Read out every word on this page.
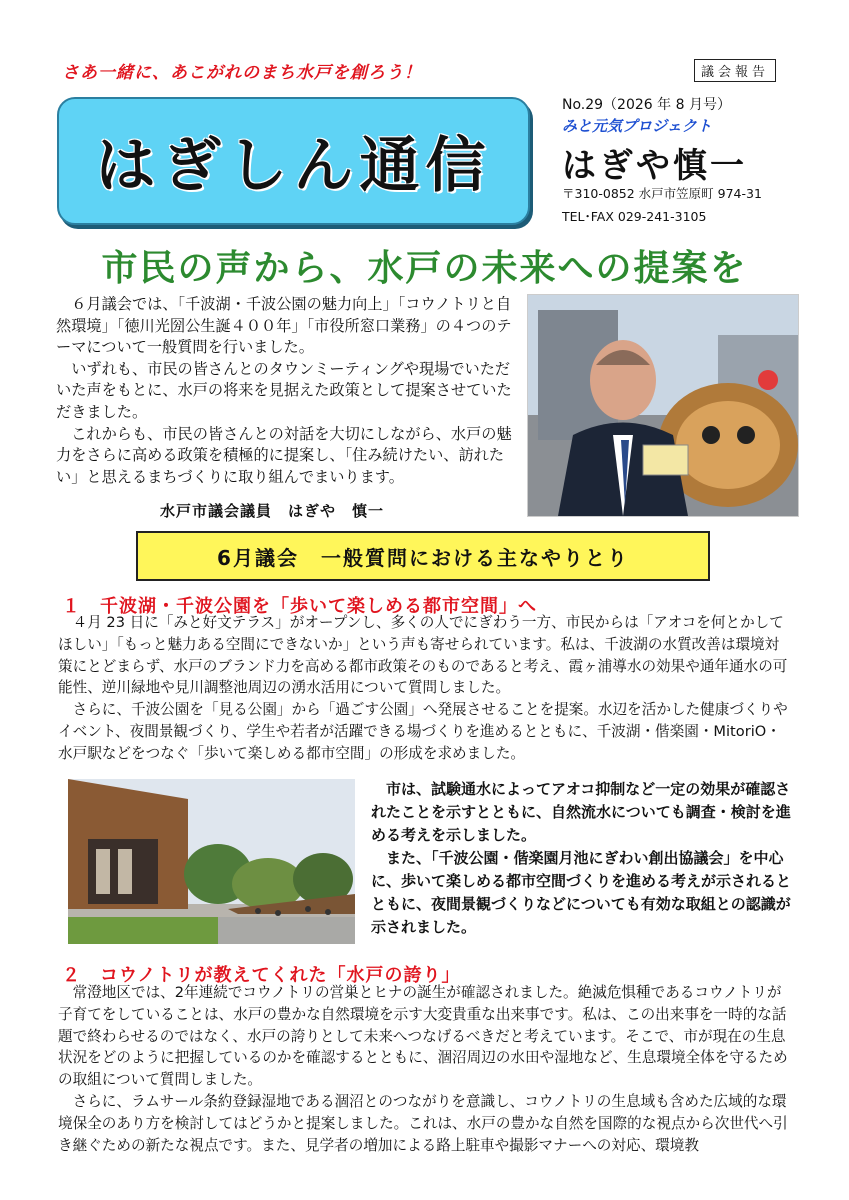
さあ一緒に、あこがれのまち水戸を創ろう！	議会報告
はぎしん通信
No.29（2026 年 8 月号）
みと元気プロジェクト
はぎや慎一
〒310-0852 水戸市笠原町 974-31
TEL･FAX 029-241-3105
市民の声から、水戸の未来への提案を

６月議会では、「千波湖・千波公園の魅力向上」「コウノトリと自然環境」「徳川光圀公生誕４００年」「市役所窓口業務」の４つのテーマについて一般質問を行いました。

いずれも、市民の皆さんとのタウンミーティングや現場でいただいた声をもとに、水戸の将来を見据えた政策として提案させていただきました。

これからも、市民の皆さんとの対話を大切にしながら、水戸の魅力をさらに高める政策を積極的に提案し、「住み続けたい、訪れたい」と思えるまちづくりに取り組んでまいります。

水戸市議会議員　はぎや　慎一
6月議会　一般質問における主なやりとり
１　千波湖・千波公園を「歩いて楽しめる都市空間」へ

４月 23 日に「みと好文テラス」がオープンし、多くの人でにぎわう一方、市民からは「アオコを何とかしてほしい」「もっと魅力ある空間にできないか」という声も寄せられています。私は、千波湖の水質改善は環境対策にとどまらず、水戸のブランド力を高める都市政策そのものであると考え、霞ヶ浦導水の効果や通年通水の可能性、逆川緑地や見川調整池周辺の湧水活用について質問しました。

さらに、千波公園を「見る公園」から「過ごす公園」へ発展させることを提案。水辺を活かした健康づくりやイベント、夜間景観づくり、学生や若者が活躍できる場づくりを進めるとともに、千波湖・偕楽園・MitoriO・水戸駅などをつなぐ「歩いて楽しめる都市空間」の形成を求めました。

市は、試験通水によってアオコ抑制など一定の効果が確認されたことを示すとともに、自然流水についても調査・検討を進める考えを示しました。

また、「千波公園・偕楽園月池にぎわい創出協議会」を中心に、歩いて楽しめる都市空間づくりを進める考えが示されるとともに、夜間景観づくりなどについても有効な取組との認識が示されました。

２　コウノトリが教えてくれた「水戸の誇り」

常澄地区では、2年連続でコウノトリの営巣とヒナの誕生が確認されました。絶滅危惧種であるコウノトリが子育てをしていることは、水戸の豊かな自然環境を示す大変貴重な出来事です。私は、この出来事を一時的な話題で終わらせるのではなく、水戸の誇りとして未来へつなげるべきだと考えています。そこで、市が現在の生息状況をどのように把握しているのかを確認するとともに、涸沼周辺の水田や湿地など、生息環境全体を守るための取組について質問しました。

さらに、ラムサール条約登録湿地である涸沼とのつながりを意識し、コウノトリの生息域も含めた広域的な環境保全のあり方を検討してはどうかと提案しました。これは、水戸の豊かな自然を国際的な視点から次世代へ引き継ぐための新たな視点です。また、見学者の増加による路上駐車や撮影マナーへの対応、環境教
